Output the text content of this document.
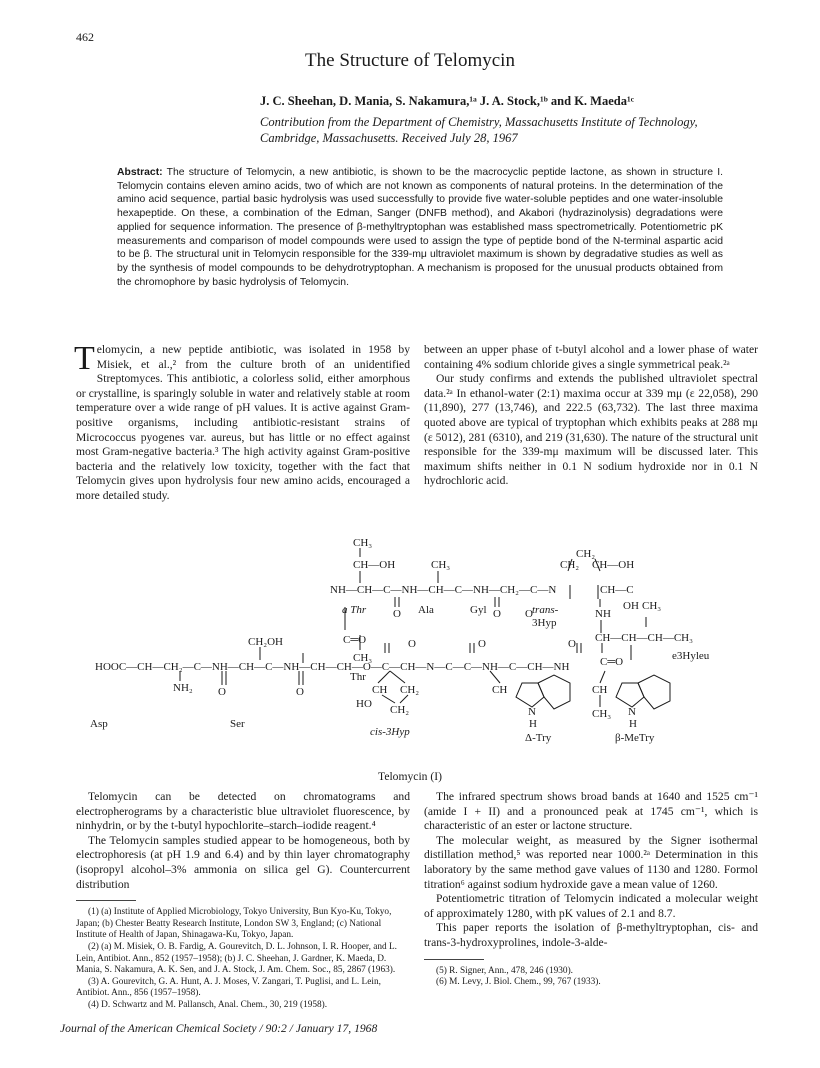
462
The Structure of Telomycin
J. C. Sheehan, D. Mania, S. Nakamura,¹ᵃ J. A. Stock,¹ᵇ and K. Maeda¹ᶜ
Contribution from the Department of Chemistry, Massachusetts Institute of Technology, Cambridge, Massachusetts. Received July 28, 1967
Abstract: The structure of Telomycin, a new antibiotic, is shown to be the macrocyclic peptide lactone, as shown in structure I. Telomycin contains eleven amino acids, two of which are not known as components of natural proteins. In the determination of the amino acid sequence, partial basic hydrolysis was used successfully to provide five water-soluble peptides and one water-insoluble hexapeptide. On these, a combination of the Edman, Sanger (DNFB method), and Akabori (hydrazinolysis) degradations were applied for sequence information. The presence of β-methyltryptophan was established mass spectrometrically. Potentiometric pK measurements and comparison of model compounds were used to assign the type of peptide bond of the N-terminal aspartic acid to be β. The structural unit in Telomycin responsible for the 339-mμ ultraviolet maximum is shown by degradative studies as well as by the synthesis of model compounds to be dehydrotryptophan. A mechanism is proposed for the unusual products obtained from the chromophore by basic hydrolysis of Telomycin.

Telomycin, a new peptide antibiotic, was isolated in 1958 by Misiek, et al.,² from the culture broth of an unidentified Streptomyces. This antibiotic, a colorless solid, either amorphous or crystalline, is sparingly soluble in water and relatively stable at room temperature over a wide range of pH values. It is active against Gram-positive organisms, including antibiotic-resistant strains of Micrococcus pyogenes var. aureus, but has little or no effect against most Gram-negative bacteria.³ The high activity against Gram-positive bacteria and the relatively low toxicity, together with the fact that Telomycin gives upon hydrolysis four new amino acids, encouraged a more detailed study.

between an upper phase of t-butyl alcohol and a lower phase of water containing 4% sodium chloride gives a single symmetrical peak.²ᵃ

Our study confirms and extends the published ultraviolet spectral data.²ᵃ In ethanol-water (2:1) maxima occur at 339 mμ (ε 22,058), 290 (11,890), 277 (13,746), and 222.5 (63,732). The last three maxima quoted above are typical of tryptophan which exhibits peaks at 288 mμ (ε 5012), 281 (6310), and 219 (31,630). The nature of the structural unit responsible for the 339-mμ maximum will be discussed later. This maximum shifts neither in 0.1 N sodium hydroxide nor in 0.1 N hydrochloric acid.

CH₃
CH—OH	CH₃
CH₂
CH₂ CH—OH
NH—CH—C—NH—CH—C—NH—CH₂—C—N	CH—C
O	O O	NH
OH CH₃
CH—CH—CH—CH₃
C═O
CH₂OH
CH₃
O	O	O
C═O
HOOC—CH—CH₂—C—NH—CH—C—NH—CH—CH—O—C—CH—N—C—C—NH—C—CH—NH
NH₂ O	O
HO
CH CH₂
CH₂
CH	CH
N
H
CH₃ N
H
Asp	Ser
Thr
cis-3Hyp	Δ-Try	β-MeTry
e3Hyleu
trans-
3Hyp
Gyl
Ala
a Thr
Telomycin (I)

Telomycin can be detected on chromatograms and electropherograms by a characteristic blue ultraviolet fluorescence, by ninhydrin, or by the t-butyl hypochlorite–starch–iodide reagent.⁴

The Telomycin samples studied appear to be homogeneous, both by electrophoresis (at pH 1.9 and 6.4) and by thin layer chromatography (isopropyl alcohol–3% ammonia on silica gel G). Countercurrent distribution

(1) (a) Institute of Applied Microbiology, Tokyo University, Bun Kyo-Ku, Tokyo, Japan; (b) Chester Beatty Research Institute, London SW 3, England; (c) National Institute of Health of Japan, Shinagawa-Ku, Tokyo, Japan.

(2) (a) M. Misiek, O. B. Fardig, A. Gourevitch, D. L. Johnson, I. R. Hooper, and L. Lein, Antibiot. Ann., 852 (1957–1958); (b) J. C. Sheehan, J. Gardner, K. Maeda, D. Mania, S. Nakamura, A. K. Sen, and J. A. Stock, J. Am. Chem. Soc., 85, 2867 (1963).

(3) A. Gourevitch, G. A. Hunt, A. J. Moses, V. Zangari, T. Puglisi, and L. Lein, Antibiot. Ann., 856 (1957–1958).

(4) D. Schwartz and M. Pallansch, Anal. Chem., 30, 219 (1958).

The infrared spectrum shows broad bands at 1640 and 1525 cm⁻¹ (amide I + II) and a pronounced peak at 1745 cm⁻¹, which is characteristic of an ester or lactone structure.

The molecular weight, as measured by the Signer isothermal distillation method,⁵ was reported near 1000.²ᵃ Determination in this laboratory by the same method gave values of 1130 and 1280. Formol titration⁶ against sodium hydroxide gave a mean value of 1260.

Potentiometric titration of Telomycin indicated a molecular weight of approximately 1280, with pK values of 2.1 and 8.7.

This paper reports the isolation of β-methyltryptophan, cis- and trans-3-hydroxyprolines, indole-3-alde-

(5) R. Signer, Ann., 478, 246 (1930).

(6) M. Levy, J. Biol. Chem., 99, 767 (1933).

Journal of the American Chemical Society / 90:2 / January 17, 1968
